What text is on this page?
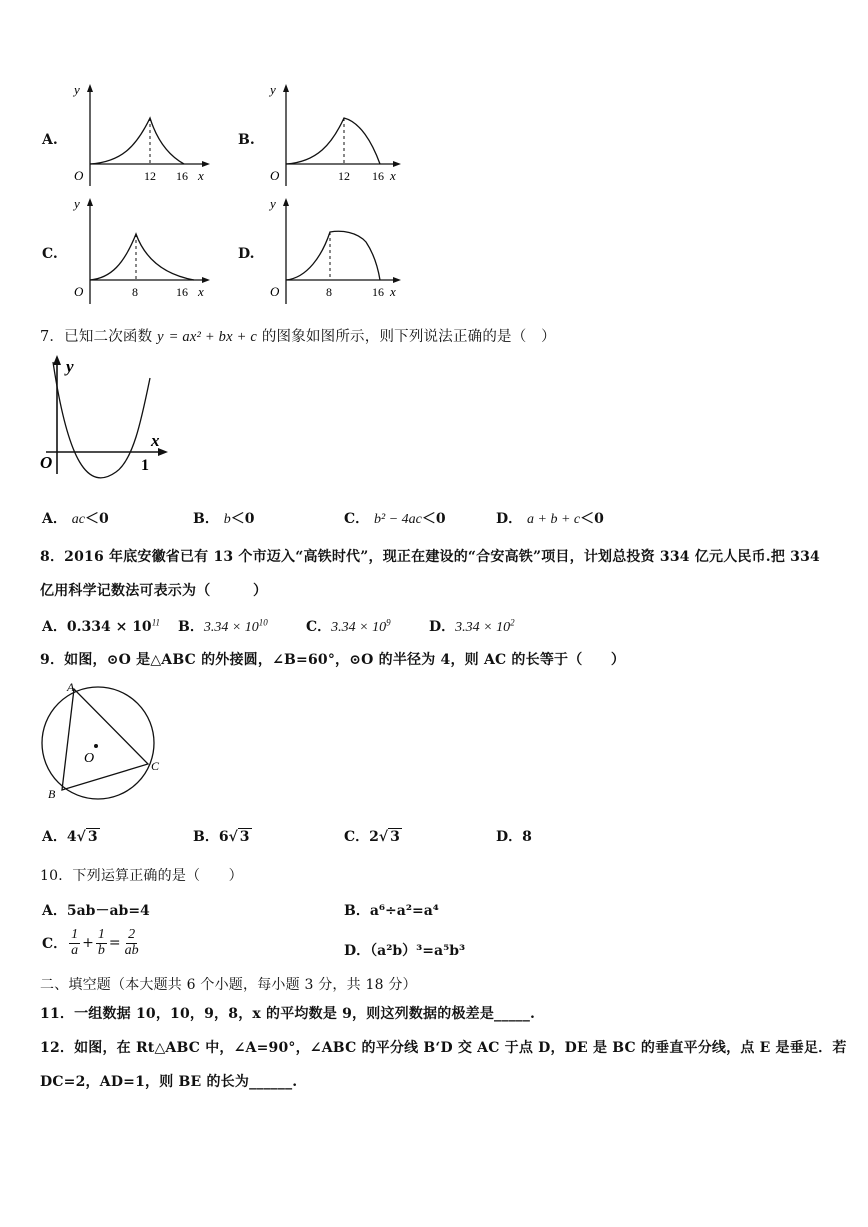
A.
y
O	12 16 x
B.
y
O	12 16 x
C.
y
O	8	16 x
D.
y
O	8	16 x
7．已知二次函数 y = ax² + bx + c 的图象如图所示，则下列说法正确的是（　）
y
x
O	1
A． ac＜0	B． b＜0	C． b² − 4ac＜0	D． a + b + c＜0
8．2016 年底安徽省已有 13 个市迈入“高铁时代”，现正在建设的“合安高铁”项目，计划总投资 334 亿元人民币.把 334
亿用科学记数法可表示为（　　　）
A．$0.334 \times 10^{11}$ B．$3.34 \times 10^{10}$	C．$3.34 \times 10^9$	D．$3.34 \times 10^2$
9．如图，⊙O 是△ABC 的外接圆，∠B=60°，⊙O 的半径为 4，则 AC 的长等于（　　）
A
B
C
O
A．4√ 3	B．6√ 3	C．2√ 3	D．8
10．下列运算正确的是（　　）
A．5ab－ab=4	B．a⁶÷a²=a⁴
C． $\frac{1}{a} + \frac{1}{b} = \frac{2}{ab}$	D．（a²b）³=a⁵b³
二、填空题（本大题共 6 个小题，每小题 3 分，共 18 分）
11．一组数据 10，10，9，8，x 的平均数是 9，则这列数据的极差是_____.
12．如图，在 Rt△ABC 中，∠A=90°，∠ABC 的平分线 B‘D 交 AC 于点 D，DE 是 BC 的垂直平分线，点 E 是垂足．若
DC=2，AD=1，则 BE 的长为______.
